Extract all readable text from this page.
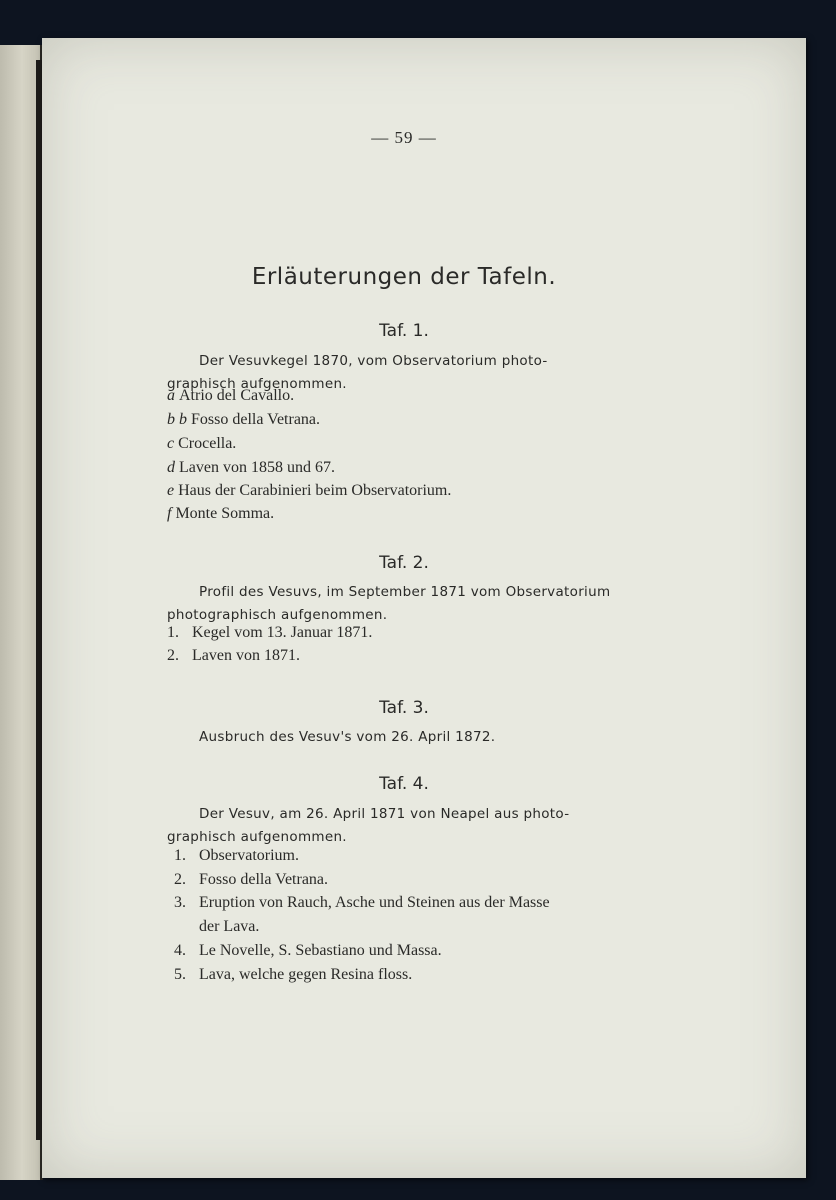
— 59 —
Erläuterungen der Tafeln.
Taf. 1.
Der Vesuvkegel 1870, vom Observatorium photo-
graphisch aufgenommen.
a Atrio del Cavallo.
b b Fosso della Vetrana.
c Crocella.
d Laven von 1858 und 67.
e Haus der Carabinieri beim Observatorium.
f Monte Somma.
Taf. 2.
Profil des Vesuvs, im September 1871 vom Observatorium
photographisch aufgenommen.
1. Kegel vom 13. Januar 1871.
2. Laven von 1871.
Taf. 3.
Ausbruch des Vesuv's vom 26. April 1872.
Taf. 4.
Der Vesuv, am 26. April 1871 von Neapel aus photo-
graphisch aufgenommen.
1. Observatorium.
2. Fosso della Vetrana.
3. Eruption von Rauch, Asche und Steinen aus der Masse
der Lava.
4. Le Novelle, S. Sebastiano und Massa.
5. Lava, welche gegen Resina floss.
